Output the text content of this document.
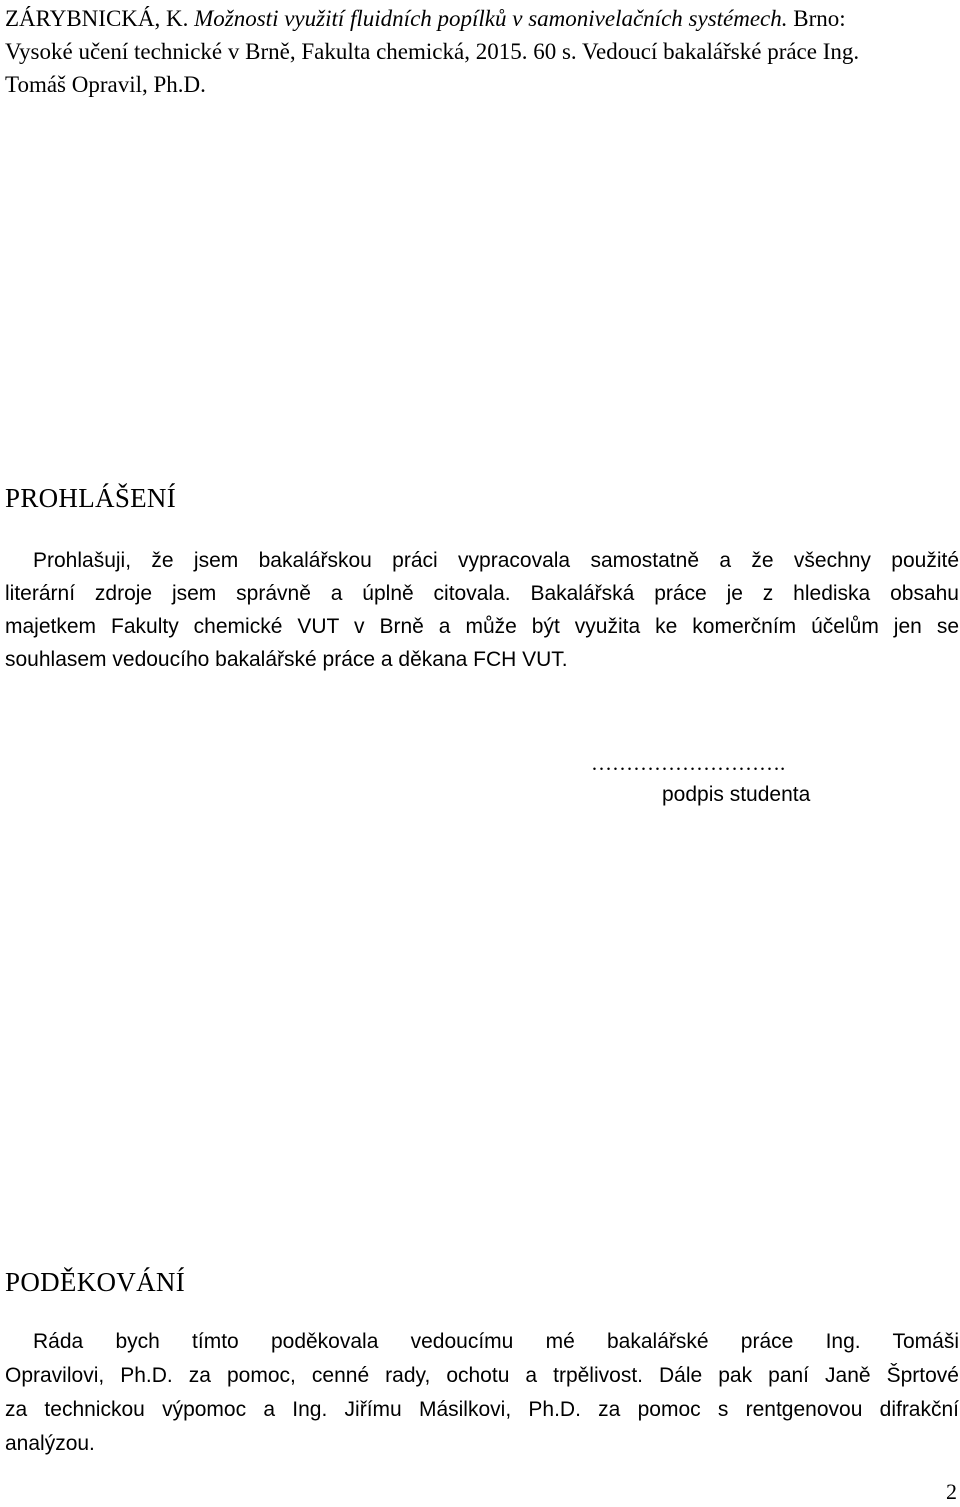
ZÁRYBNICKÁ, K. Možnosti využití fluidních popílků v samonivelačních systémech. Brno:
Vysoké učení technické v Brně, Fakulta chemická, 2015. 60 s. Vedoucí bakalářské práce Ing.
Tomáš Opravil, Ph.D.

PROHLÁŠENÍ

Prohlašuji, že jsem bakalářskou práci vypracovala samostatně a že všechny použité

literární zdroje jsem správně a úplně citovala. Bakalářská práce je z hlediska obsahu

majetkem Fakulty chemické VUT v Brně a může být využita ke komerčním účelům jen se

souhlasem vedoucího bakalářské práce a děkana FCH VUT.

……………………….

podpis studenta

PODĚKOVÁNÍ

Ráda bych tímto poděkovala vedoucímu mé bakalářské práce Ing. Tomáši

Opravilovi, Ph.D. za pomoc, cenné rady, ochotu a trpělivost. Dále pak paní Janě Šprtové

za technickou výpomoc a Ing. Jiřímu Másilkovi, Ph.D. za pomoc s rentgenovou difrakční

analýzou.

2
